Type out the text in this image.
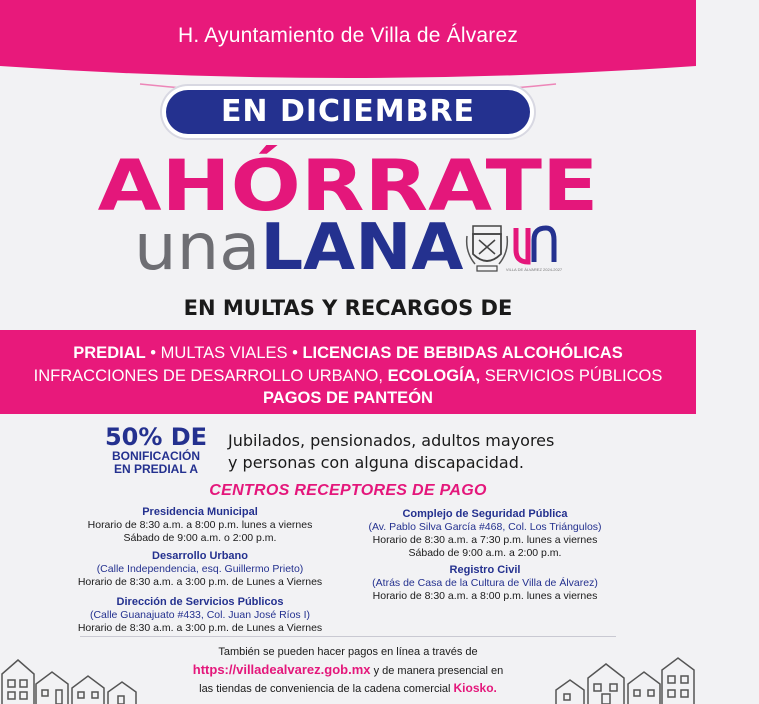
H. Ayuntamiento de Villa de Álvarez
EN DICIEMBRE
AHÓRRATE
unaLANA	VILLA DE ÁLVAREZ 2024-2027
EN MULTAS Y RECARGOS DE
PREDIAL • MULTAS VIALES • LICENCIAS DE BEBIDAS ALCOHÓLICAS
INFRACCIONES DE DESARROLLO URBANO, ECOLOGÍA, SERVICIOS PÚBLICOS
PAGOS DE PANTEÓN
50% DE
BONIFICACIÓN
EN PREDIAL A
Jubilados, pensionados, adultos mayores
y personas con alguna discapacidad.
CENTROS RECEPTORES DE PAGO
Presidencia Municipal
Horario de 8:30 a.m. a 8:00 p.m. lunes a viernes
Sábado de 9:00 a.m. o 2:00 p.m.
Desarrollo Urbano
(Calle Independencia, esq. Guillermo Prieto)
Horario de 8:30 a.m. a 3:00 p.m. de Lunes a Viernes
Dirección de Servicios Públicos
(Calle Guanajuato #433, Col. Juan José Ríos I)
Horario de 8:30 a.m. a 3:00 p.m. de Lunes a Viernes
Complejo de Seguridad Pública
(Av. Pablo Silva García #468, Col. Los Triángulos)
Horario de 8:30 a.m. a 7:30 p.m. lunes a viernes
Sábado de 9:00 a.m. a 2:00 p.m.
Registro Civil
(Atrás de Casa de la Cultura de Villa de Álvarez)
Horario de 8:30 a.m. a 8:00 p.m. lunes a viernes
También se pueden hacer pagos en línea a través de
https://villadealvarez.gob.mx y de manera presencial en
las tiendas de conveniencia de la cadena comercial Kiosko.
